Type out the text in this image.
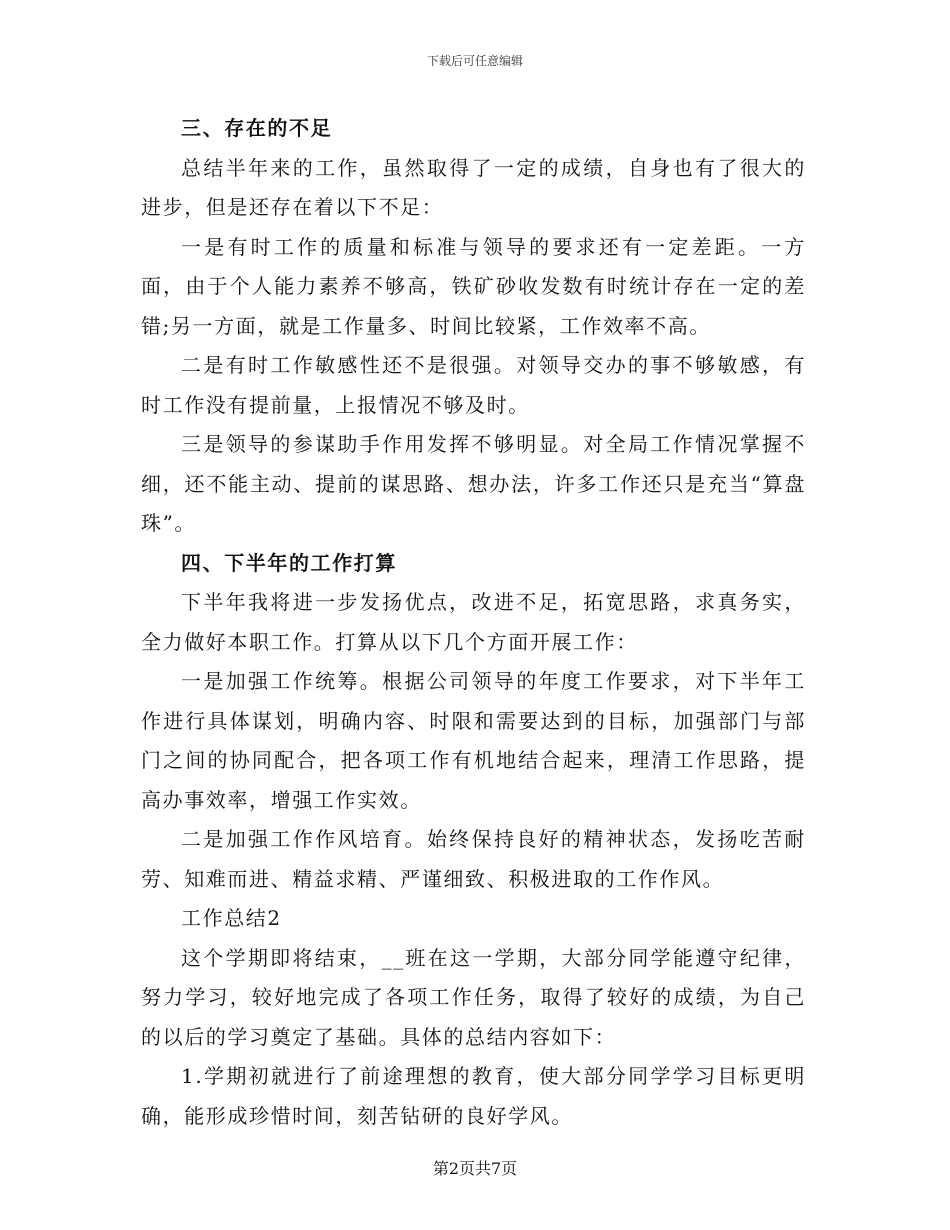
下载后可任意编辑

三、存在的不足

总结半年来的工作，虽然取得了一定的成绩，自身也有了很大的进步，但是还存在着以下不足：

一是有时工作的质量和标准与领导的要求还有一定差距。一方面，由于个人能力素养不够高，铁矿砂收发数有时统计存在一定的差错;另一方面，就是工作量多、时间比较紧，工作效率不高。

二是有时工作敏感性还不是很强。对领导交办的事不够敏感，有时工作没有提前量，上报情况不够及时。

三是领导的参谋助手作用发挥不够明显。对全局工作情况掌握不细，还不能主动、提前的谋思路、想办法，许多工作还只是充当“算盘珠”。

四、下半年的工作打算

下半年我将进一步发扬优点，改进不足，拓宽思路，求真务实，全力做好本职工作。打算从以下几个方面开展工作：

一是加强工作统筹。根据公司领导的年度工作要求，对下半年工作进行具体谋划，明确内容、时限和需要达到的目标，加强部门与部门之间的协同配合，把各项工作有机地结合起来，理清工作思路，提高办事效率，增强工作实效。

二是加强工作作风培育。始终保持良好的精神状态，发扬吃苦耐劳、知难而进、精益求精、严谨细致、积极进取的工作作风。

工作总结2

这个学期即将结束，__班在这一学期，大部分同学能遵守纪律，努力学习，较好地完成了各项工作任务，取得了较好的成绩，为自己的以后的学习奠定了基础。具体的总结内容如下：

1.学期初就进行了前途理想的教育，使大部分同学学习目标更明确，能形成珍惜时间，刻苦钻研的良好学风。

第2页共7页
